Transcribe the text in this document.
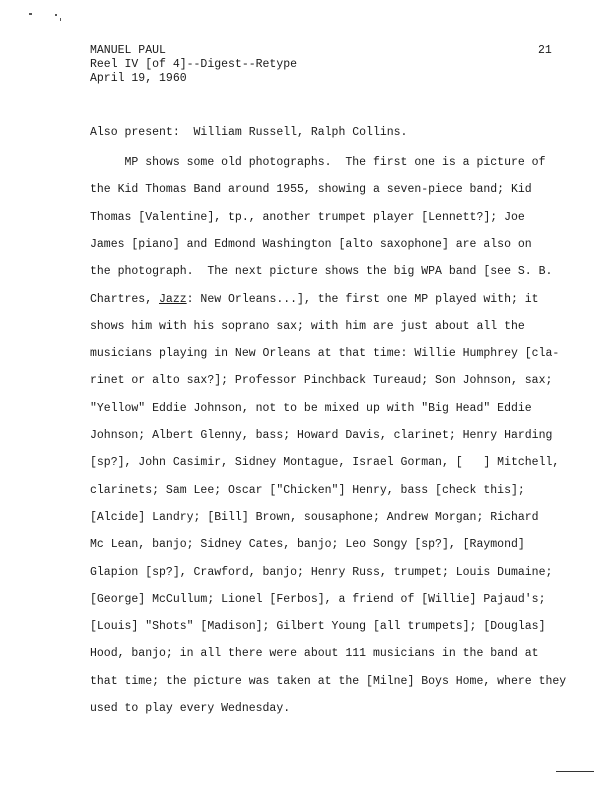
MANUEL PAUL
Reel IV [of 4]--Digest--Retype
April 19, 1960
21
Also present:  William Russell, Ralph Collins.
MP shows some old photographs.  The first one is a picture of
the Kid Thomas Band around 1955, showing a seven-piece band; Kid
Thomas [Valentine], tp., another trumpet player [Lennett?]; Joe
James [piano] and Edmond Washington [alto saxophone] are also on
the photograph.  The next picture shows the big WPA band [see S. B.
Chartres, Jazz: New Orleans...], the first one MP played with; it
shows him with his soprano sax; with him are just about all the
musicians playing in New Orleans at that time: Willie Humphrey [cla-
rinet or alto sax?]; Professor Pinchback Tureaud; Son Johnson, sax;
"Yellow" Eddie Johnson, not to be mixed up with "Big Head" Eddie
Johnson; Albert Glenny, bass; Howard Davis, clarinet; Henry Harding
[sp?], John Casimir, Sidney Montague, Israel Gorman, [   ] Mitchell,
clarinets; Sam Lee; Oscar ["Chicken"] Henry, bass [check this];
[Alcide] Landry; [Bill] Brown, sousaphone; Andrew Morgan; Richard
Mc Lean, banjo; Sidney Cates, banjo; Leo Songy [sp?], [Raymond]
Glapion [sp?], Crawford, banjo; Henry Russ, trumpet; Louis Dumaine;
[George] McCullum; Lionel [Ferbos], a friend of [Willie] Pajaud's;
[Louis] "Shots" [Madison]; Gilbert Young [all trumpets]; [Douglas]
Hood, banjo; in all there were about 111 musicians in the band at
that time; the picture was taken at the [Milne] Boys Home, where they
used to play every Wednesday.
